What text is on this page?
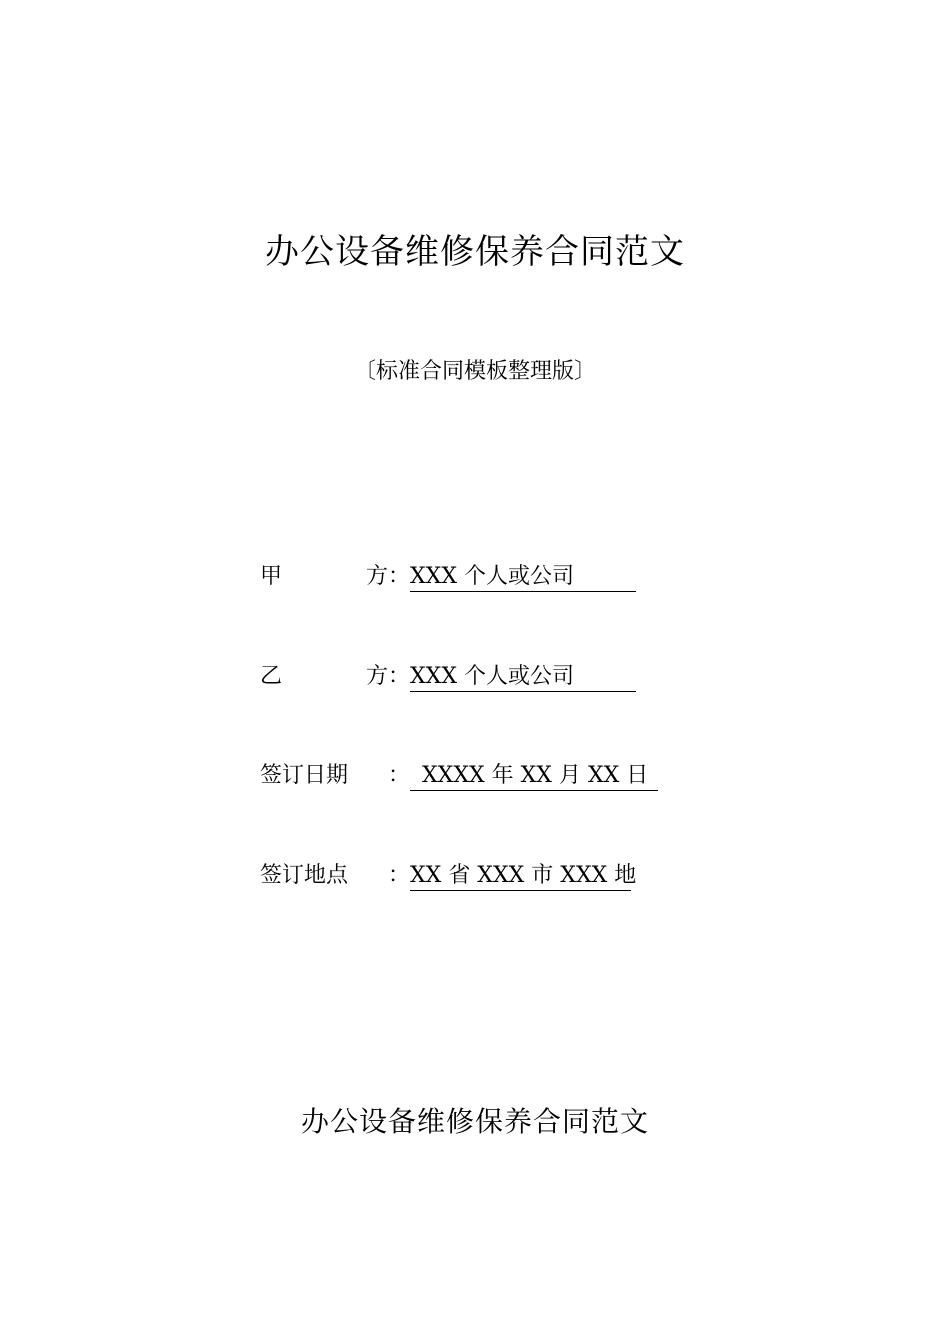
办公设备维修保养合同范文
〔标准合同模板整理版〕
甲	方 ： XXX 个人或公司
乙	方 ： XXX 个人或公司
签订日期	： XXXX 年 XX 月 XX 日
签订地点	： XX 省 XXX 市 XXX 地
办公设备维修保养合同范文
